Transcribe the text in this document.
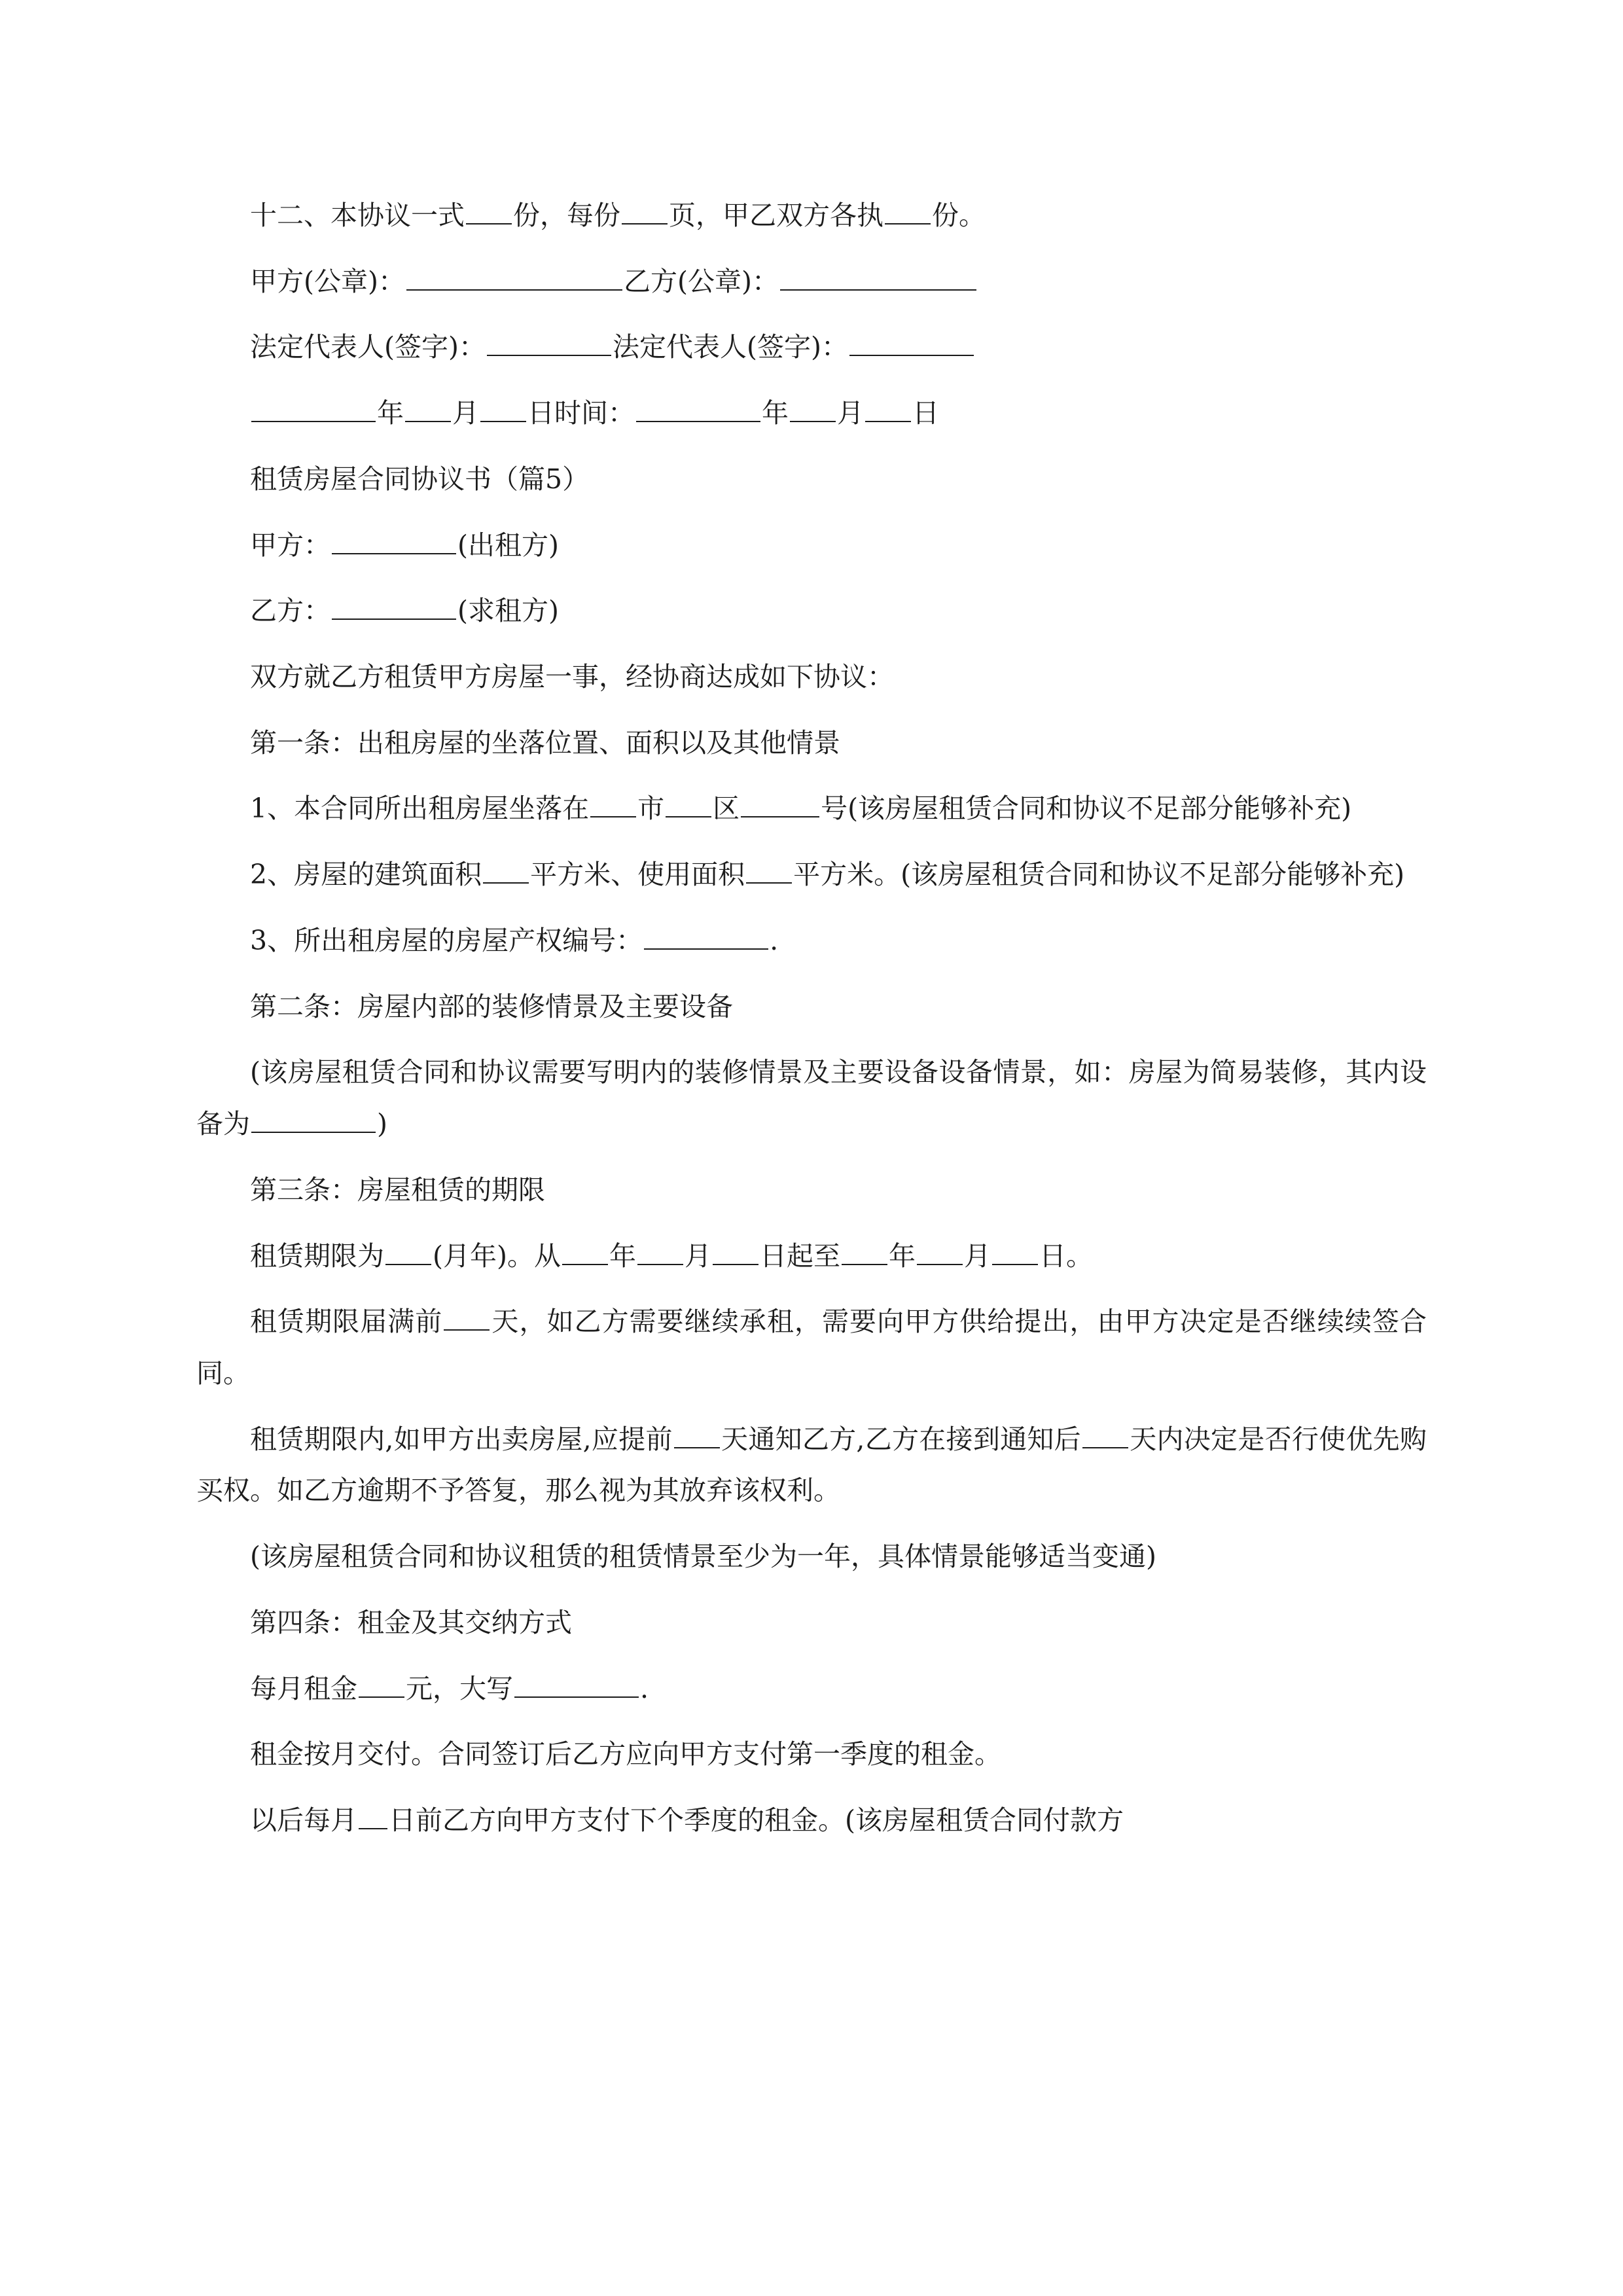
十二、本协议一式 份，每份 页，甲乙双方各执 份。

甲方(公章)：	乙方(公章)：

法定代表人(签字)：	法定代表人(签字)：

年 月 日时间：	年 月 日

租赁房屋合同协议书（篇5）

甲方：	(出租方)

乙方：	(求租方)

双方就乙方租赁甲方房屋一事，经协商达成如下协议：

第一条：出租房屋的坐落位置、面积以及其他情景

1、本合同所出租房屋坐落在 市 区	号(该房屋租赁合同和协议不足部分能够补充)

2、房屋的建筑面积 平方米、使用面积 平方米。(该房屋租赁合同和协议不足部分能够补充)

3、所出租房屋的房屋产权编号：	.

第二条：房屋内部的装修情景及主要设备

(该房屋租赁合同和协议需要写明内的装修情景及主要设备设备情景，如：房屋为简易装修，其内设备为	)

第三条：房屋租赁的期限

租赁期限为 (月年)。从 年 月 日起至 年 月 日。

租赁期限届满前 天，如乙方需要继续承租，需要向甲方供给提出，由甲方决定是否继续续签合同。

租赁期限内,如甲方出卖房屋,应提前 天通知乙方,乙方在接到通知后 天内决定是否行使优先购买权。如乙方逾期不予答复，那么视为其放弃该权利。

(该房屋租赁合同和协议租赁的租赁情景至少为一年，具体情景能够适当变通)

第四条：租金及其交纳方式

每月租金 元，大写	.

租金按月交付。合同签订后乙方应向甲方支付第一季度的租金。

以后每月 日前乙方向甲方支付下个季度的租金。(该房屋租赁合同付款方
